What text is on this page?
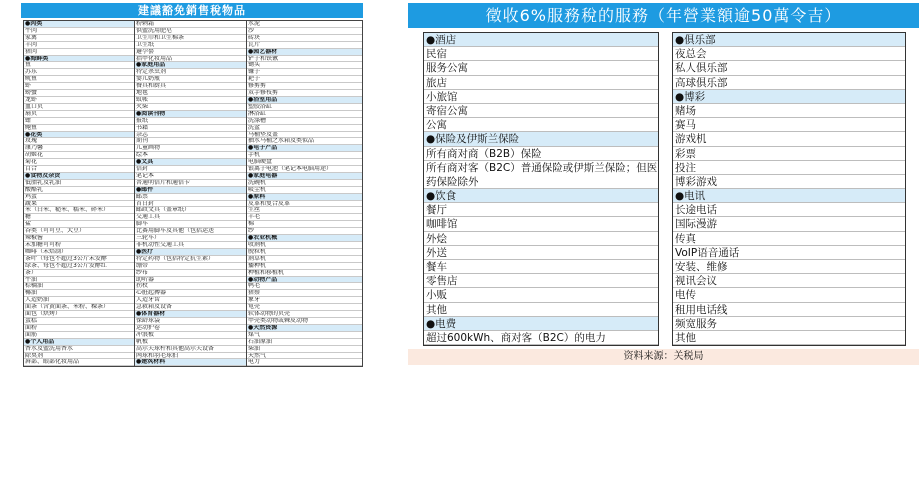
建議豁免銷售稅物品
●肉类
牛肉
家禽
羊肉
猪肉
●海鲜类
鱼
苏东
鱿鱼
虾
螃蟹
龙虾
血口贝
扇贝
蚶
鲍鱼
●花类
玫瑰
康乃馨
胡姬花
菊花
百合
●食物及杂货
低脂乳及乳油
酸酪乳
鸡蛋
蔬果
米（白米、糙米、糯米、碎米）
糖
盐
谷类（可可豆、大豆）
辣椒酱
未加糖可可粉
咖啡（未焙制）
茶叶（每包不超过3公斤未发酵
绿茶、每包不超过3公斤发酵红
茶）
牛油
棕榈油
椰油
人造奶油
面条（含黄面条、米粉、粿条）
面包（烘烤）
蛋糕
面粉
面筋
●个人用品
香水及盥洗用香水
除臭剂
唇部、眼部化妆用品
粉刺霜
供盥洗用肥皂
卫生巾和卫生棉条
卫生纸
避孕套
指甲化妆用品
●家庭用品
特定杀虫剂
婴儿奶瓶
餐具和厨具
地毯
蚊帐
火柴
●阅读刊物
报纸
书籍
杂志
期刊
儿童画物
绘本
●文具
信封
笔记本
普通明信片和通信卡
●邮件
邮票
首日封
邮政文具（盖章纸）
交通工具
脚车
比赛用脚车及其他（包括运送
三轮车）
非机动性交通工具
●医疗
特定药物（包括特定抗生素）
绷带
纱布
助听器
拐杖
心脏起搏器
人造牙齿
急救箱及设备
●体育器材
保龄球袋
运动护卷
冲浪板
帆板
高尔夫球杆和其他高尔夫设备
网球和羽毛球拍
●建筑材料
水泥
沙
砖块
瓦片
●园艺器材
铲子和铁锹
锄头
镰子
耙子
修剪剪
双手修枝剪
●浴室用品
塑胶浴缸
淋浴缸
洗涤槽
洗盆
马桶垫及盖
抽水马桶之水箱及类似品
●电子产品
手机
电脑硬盘
银离子电池（笔记本电脑用途）
●家庭电器
洗碗机
吸尘机
●原料
皮革和复合皮革
生丝
羊毛
棉
纱
●农业机械
收割机
脱粒机
割草机
播种机
种植和移植机
●动物产品
鸭毛
猪鬃
象牙
龟壳
软体动物的贝壳
甲壳类动物或棘皮动物
●天然资源
煤气
石油原油
柴油
天然气
电力
徵收6%服務稅的服務（年營業額逾50萬令吉）
●酒店
民宿
服务公寓
旅店
小旅馆
寄宿公寓
公寓
●保险及伊斯兰保险
所有商对商（B2B）保险
所有商对客（B2C）普通保险或伊斯兰保险；但医药保险除外
●饮食
餐厅
咖啡馆
外烩
外送
餐车
零售店
小贩
其他
●电费
超过600kWh、商对客（B2C）的电力
●俱乐部
夜总会
私人俱乐部
高球俱乐部
●博彩
赌场
赛马
游戏机
彩票
投注
博彩游戏
●电讯
长途电话
国际漫游
传真
VoIP语音通话
安装、维修
视讯会议
电传
租用电话线
频宽服务
其他
资料来源：关税局
